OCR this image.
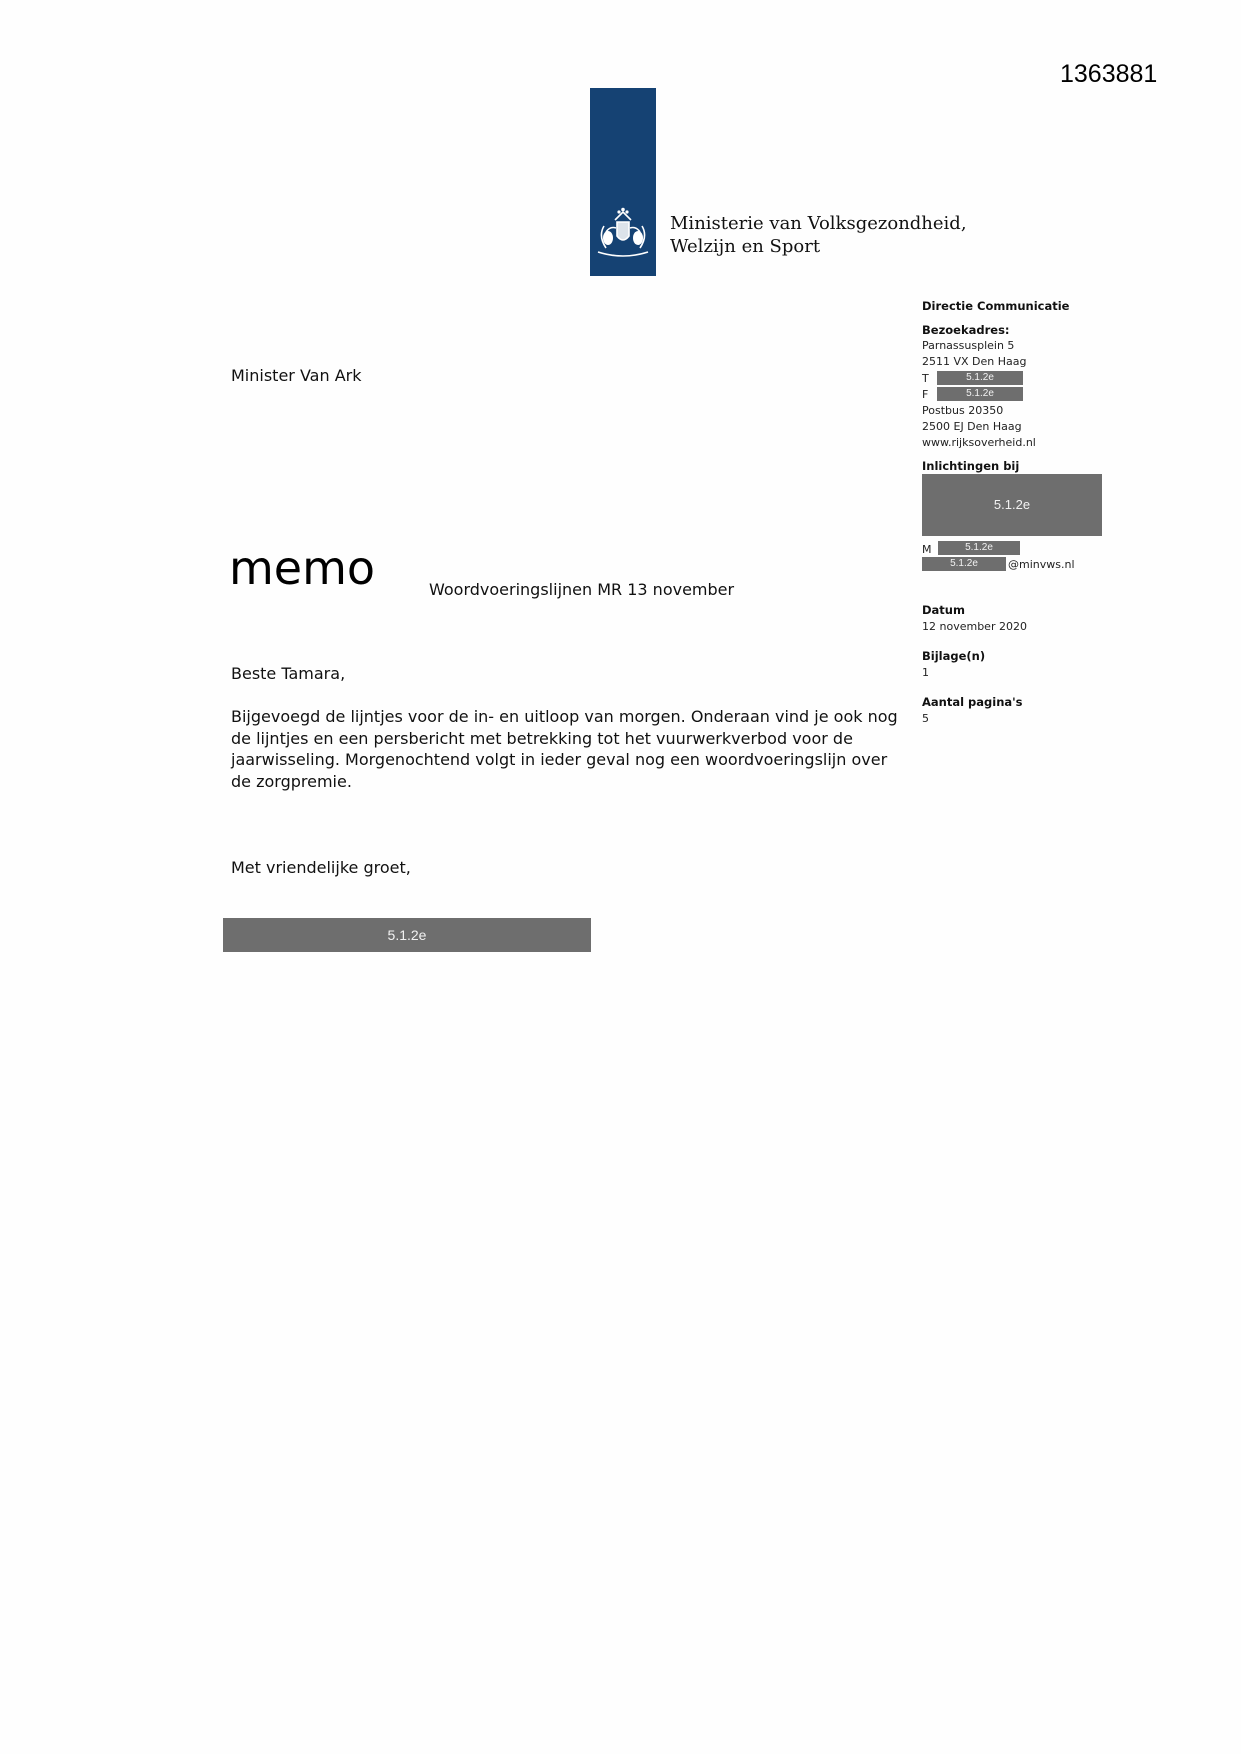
1363881
Ministerie van Volksgezondheid,
Welzijn en Sport
Minister Van Ark
memo	Woordvoeringslijnen MR 13 november
Beste Tamara,
Bijgevoegd de lijntjes voor de in- en uitloop van morgen. Onderaan vind je ook nog de lijntjes en een persbericht met betrekking tot het vuurwerkverbod voor de jaarwisseling. Morgenochtend volgt in ieder geval nog een woordvoeringslijn over de zorgpremie.
Met vriendelijke groet,
5.1.2e
Directie Communicatie
Bezoekadres:
Parnassusplein 5
2511 VX Den Haag
T	5.1.2e
F	5.1.2e
Postbus 20350
2500 EJ Den Haag
www.rijksoverheid.nl
Inlichtingen bij
5.1.2e
M	5.1.2e
5.1.2e	@minvws.nl
Datum
12 november 2020
Bijlage(n)
1
Aantal pagina's
5
